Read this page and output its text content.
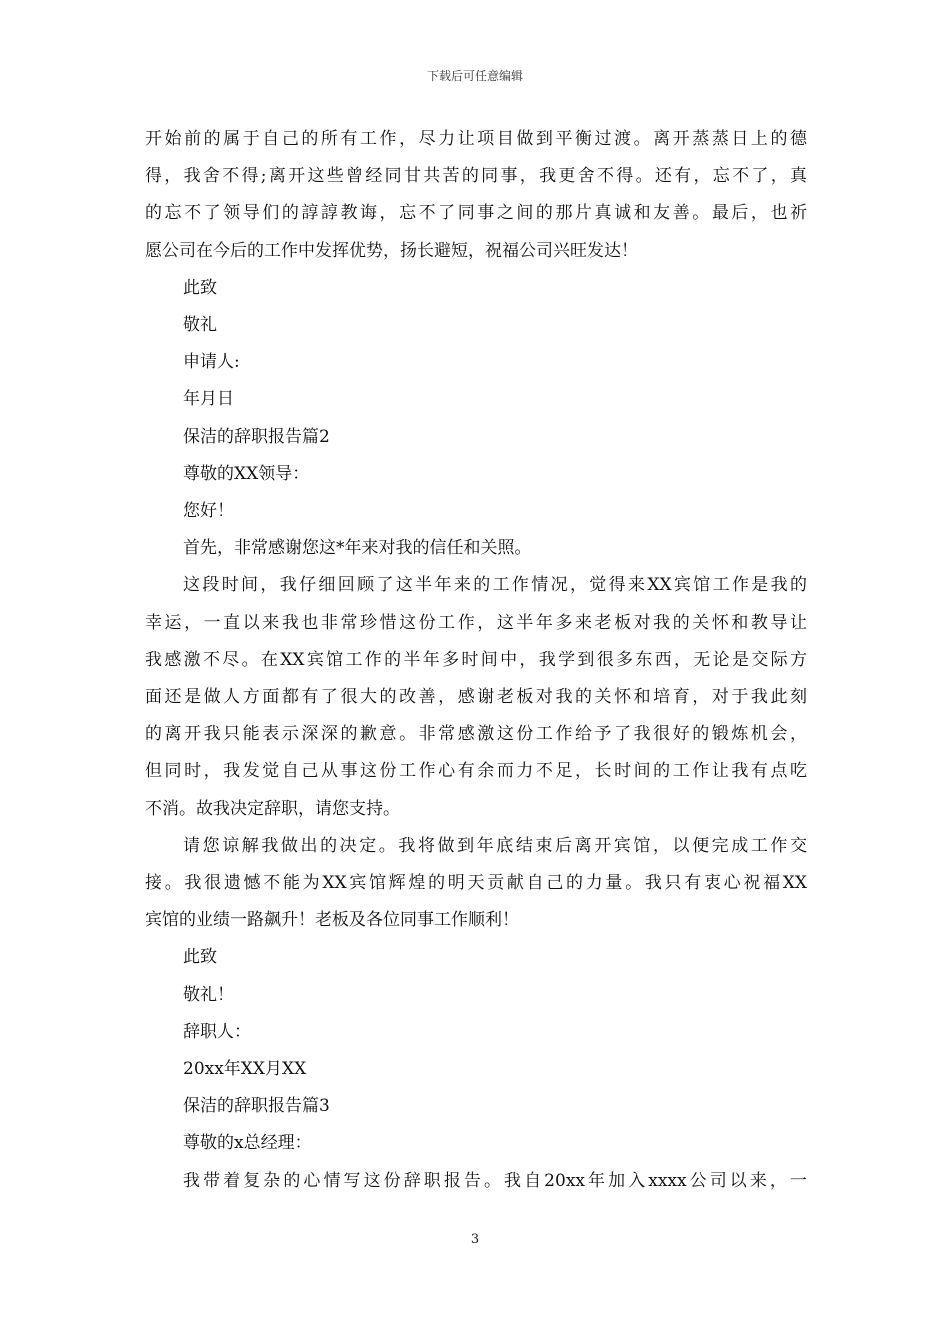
下载后可任意编辑
开始前的属于自己的所有工作，尽力让项目做到平衡过渡。离开蒸蒸日上的德
得，我舍不得;离开这些曾经同甘共苦的同事，我更舍不得。还有，忘不了，真
的忘不了领导们的諄諄教诲，忘不了同事之间的那片真诚和友善。最后，也祈
愿公司在今后的工作中发挥优势，扬长避短，祝福公司兴旺发达！
此致
敬礼
申请人:
年月日
保洁的辞职报告篇2
尊敬的XX领导：
您好！
首先，非常感谢您这*年来对我的信任和关照。
这段时间，我仔细回顾了这半年来的工作情况，觉得来XX宾馆工作是我的
幸运，一直以来我也非常珍惜这份工作，这半年多来老板对我的关怀和教导让
我感激不尽。在XX宾馆工作的半年多时间中，我学到很多东西，无论是交际方
面还是做人方面都有了很大的改善，感谢老板对我的关怀和培育，对于我此刻
的离开我只能表示深深的歉意。非常感激这份工作给予了我很好的锻炼机会，
但同时，我发觉自己从事这份工作心有余而力不足，长时间的工作让我有点吃
不消。故我决定辞职，请您支持。
请您谅解我做出的决定。我将做到年底结束后离开宾馆，以便完成工作交
接。我很遗憾不能为XX宾馆辉煌的明天贡献自己的力量。我只有衷心祝福XX
宾馆的业绩一路飙升！老板及各位同事工作顺利！
此致
敬礼！
辞职人：
20xx年XX月XX
保洁的辞职报告篇3
尊敬的x总经理：
我带着复杂的心情写这份辞职报告。我自20xx年加入xxxx公司以来，一
3
